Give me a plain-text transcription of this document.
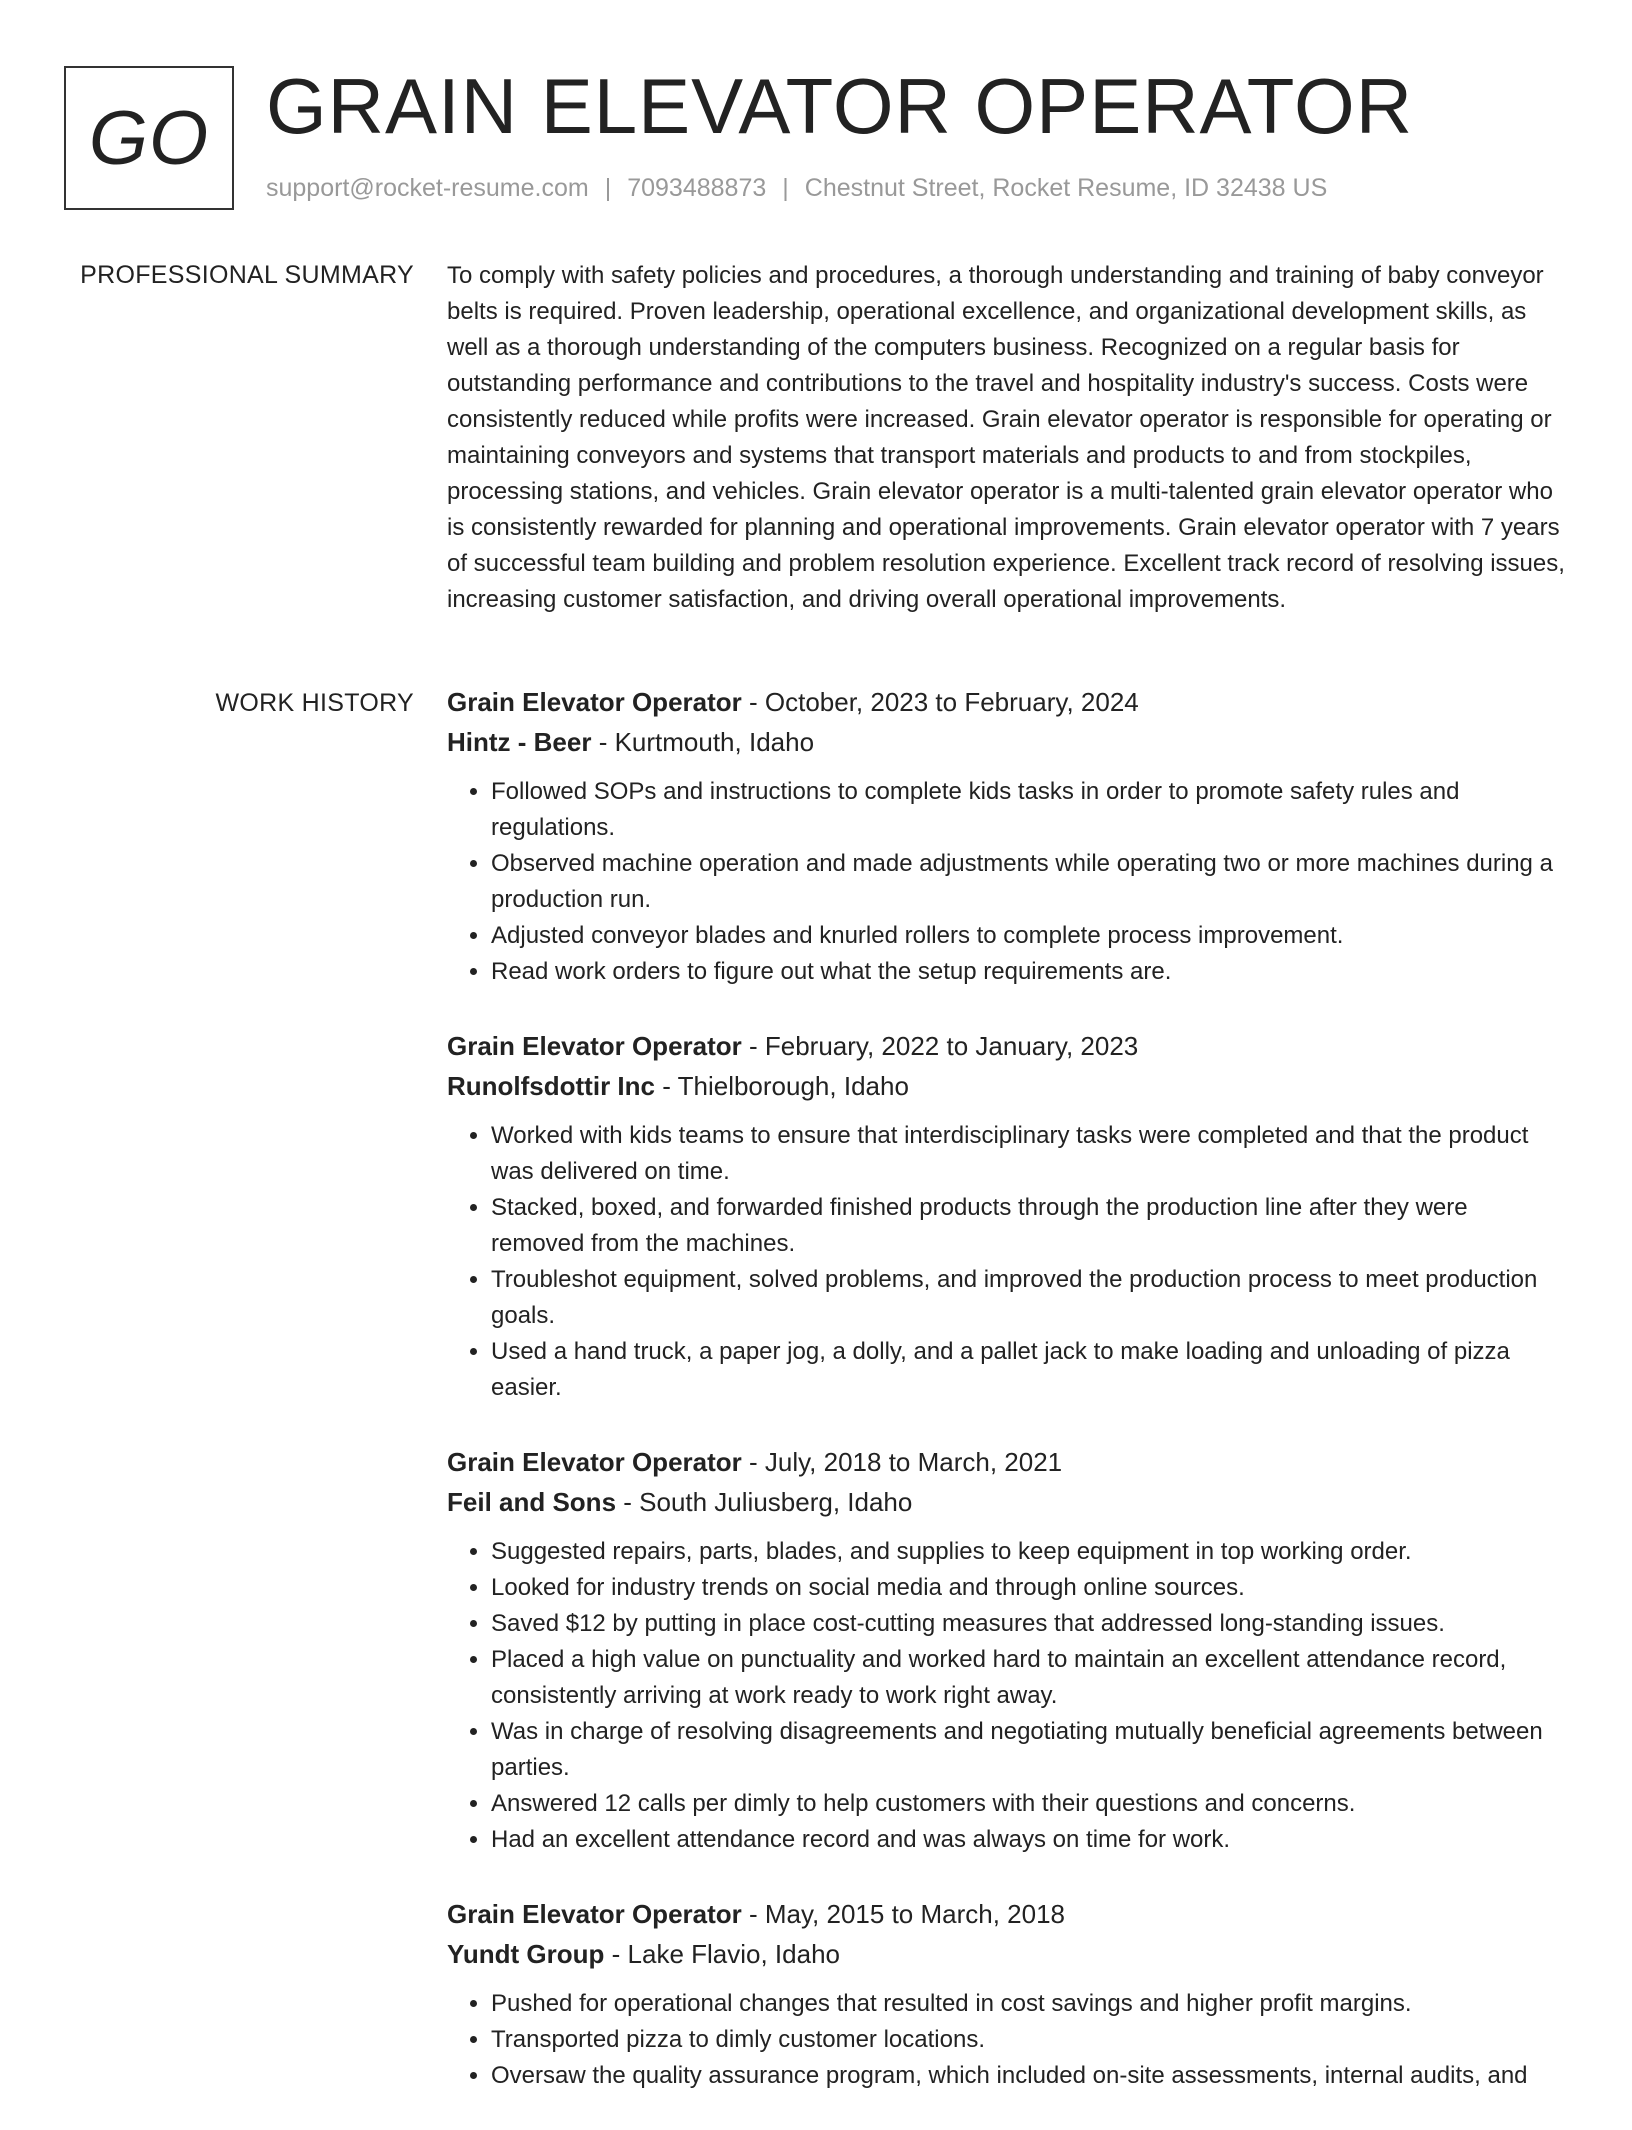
GO GRAIN ELEVATOR OPERATOR
support@rocket-resume.com | 7093488873 | Chestnut Street, Rocket Resume, ID 32438 US
PROFESSIONAL SUMMARY To comply with safety policies and procedures, a thorough understanding and training of baby conveyor belts is required. Proven leadership, operational excellence, and organizational development skills, as well as a thorough understanding of the computers business. Recognized on a regular basis for outstanding performance and contributions to the travel and hospitality industry's success. Costs were consistently reduced while profits were increased. Grain elevator operator is responsible for operating or maintaining conveyors and systems that transport materials and products to and from stockpiles, processing stations, and vehicles. Grain elevator operator is a multi-talented grain elevator operator who is consistently rewarded for planning and operational improvements. Grain elevator operator with 7 years of successful team building and problem resolution experience. Excellent track record of resolving issues, increasing customer satisfaction, and driving overall operational improvements.

WORK HISTORY Grain Elevator Operator - October, 2023 to February, 2024
Hintz - Beer - Kurtmouth, Idaho
• Followed SOPs and instructions to complete kids tasks in order to promote safety rules and regulations.
• Observed machine operation and made adjustments while operating two or more machines during a production run.
• Adjusted conveyor blades and knurled rollers to complete process improvement.
• Read work orders to figure out what the setup requirements are.
Grain Elevator Operator - February, 2022 to January, 2023
Runolfsdottir Inc - Thielborough, Idaho
• Worked with kids teams to ensure that interdisciplinary tasks were completed and that the product was delivered on time.
• Stacked, boxed, and forwarded finished products through the production line after they were removed from the machines.
• Troubleshot equipment, solved problems, and improved the production process to meet production goals.
• Used a hand truck, a paper jog, a dolly, and a pallet jack to make loading and unloading of pizza easier.
Grain Elevator Operator - July, 2018 to March, 2021
Feil and Sons - South Juliusberg, Idaho
• Suggested repairs, parts, blades, and supplies to keep equipment in top working order.
• Looked for industry trends on social media and through online sources.
• Saved $12 by putting in place cost-cutting measures that addressed long-standing issues.
• Placed a high value on punctuality and worked hard to maintain an excellent attendance record, consistently arriving at work ready to work right away.
• Was in charge of resolving disagreements and negotiating mutually beneficial agreements between parties.
• Answered 12 calls per dimly to help customers with their questions and concerns.
• Had an excellent attendance record and was always on time for work.
Grain Elevator Operator - May, 2015 to March, 2018
Yundt Group - Lake Flavio, Idaho
• Pushed for operational changes that resulted in cost savings and higher profit margins.
• Transported pizza to dimly customer locations.
• Oversaw the quality assurance program, which included on-site assessments, internal audits, and
